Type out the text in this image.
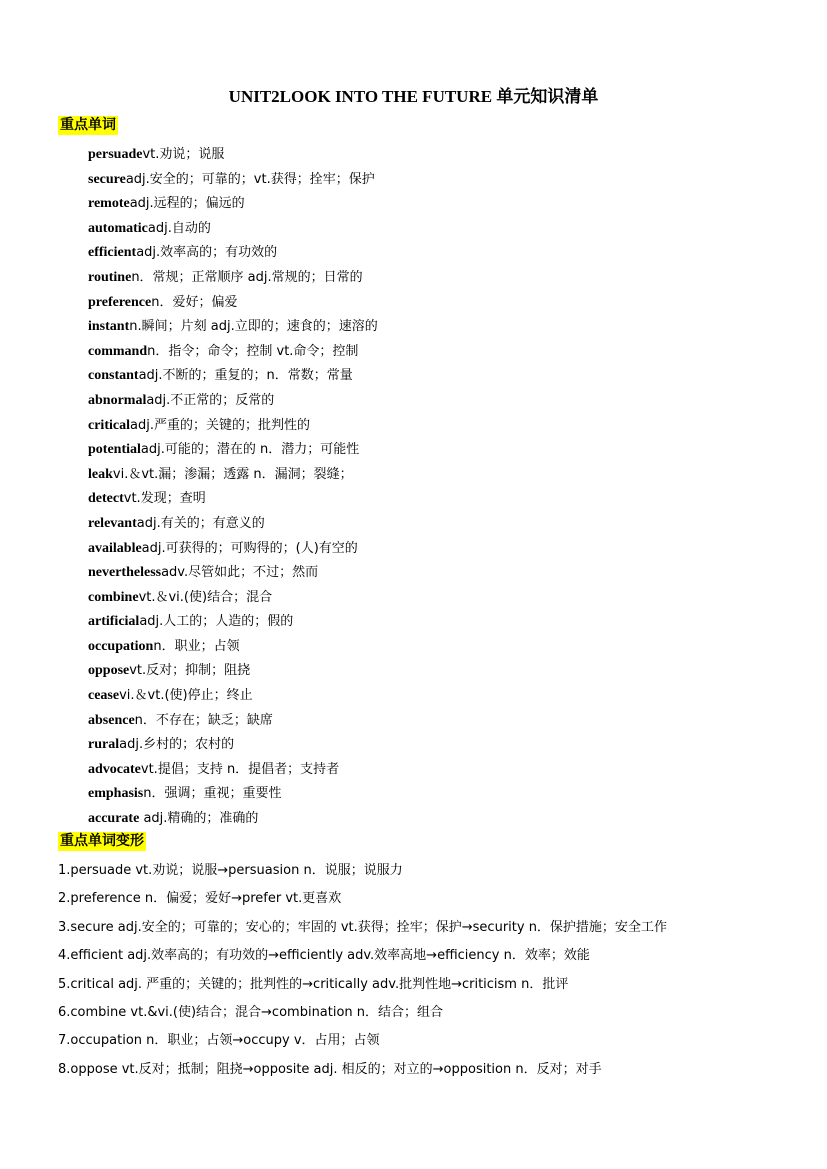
UNIT2LOOK INTO THE FUTURE 单元知识清单
重点单词
persuadevt.劝说；说服
secureadj.安全的；可靠的；vt.获得；拴牢；保护
remoteadj.远程的；偏远的
automaticadj.自动的
efficientadj.效率高的；有功效的
routinen．常规；正常顺序 adj.常规的；日常的
preferencen．爱好；偏爱
instantn.瞬间；片刻 adj.立即的；速食的；速溶的
commandn．指令；命令；控制 vt.命令；控制
constantadj.不断的；重复的；n．常数；常量
abnormaladj.不正常的；反常的
criticaladj.严重的；关键的；批判性的
potentialadj.可能的；潜在的 n．潜力；可能性
leakvi.＆vt.漏；渗漏；透露 n．漏洞；裂缝；
detectvt.发现；查明
relevantadj.有关的；有意义的
availableadj.可获得的；可购得的；(人)有空的
neverthelessadv.尽管如此；不过；然而
combinevt.＆vi.(使)结合；混合
artificialadj.人工的；人造的；假的
occupationn．职业；占领
opposevt.反对；抑制；阻挠
ceasevi.＆vt.(使)停止；终止
absencen．不存在；缺乏；缺席
ruraladj.乡村的；农村的
advocatevt.提倡；支持 n．提倡者；支持者
emphasisn．强调；重视；重要性
accurate adj.精确的；准确的
重点单词变形
1.persuade vt.劝说；说服→persuasion n．说服；说服力
2.preference n．偏爱；爱好→prefer vt.更喜欢
3.secure adj.安全的；可靠的；安心的；牢固的 vt.获得；拴牢；保护→security n．保护措施；安全工作
4.efficient adj.效率高的；有功效的→efficiently adv.效率高地→efficiency n．效率；效能
5.critical adj. 严重的；关键的；批判性的→critically adv.批判性地→criticism n．批评
6.combine vt.&vi.(使)结合；混合→combination n．结合；组合
7.occupation n．职业；占领→occupy v．占用；占领
8.oppose vt.反对；抵制；阻挠→opposite adj. 相反的；对立的→opposition n．反对；对手
